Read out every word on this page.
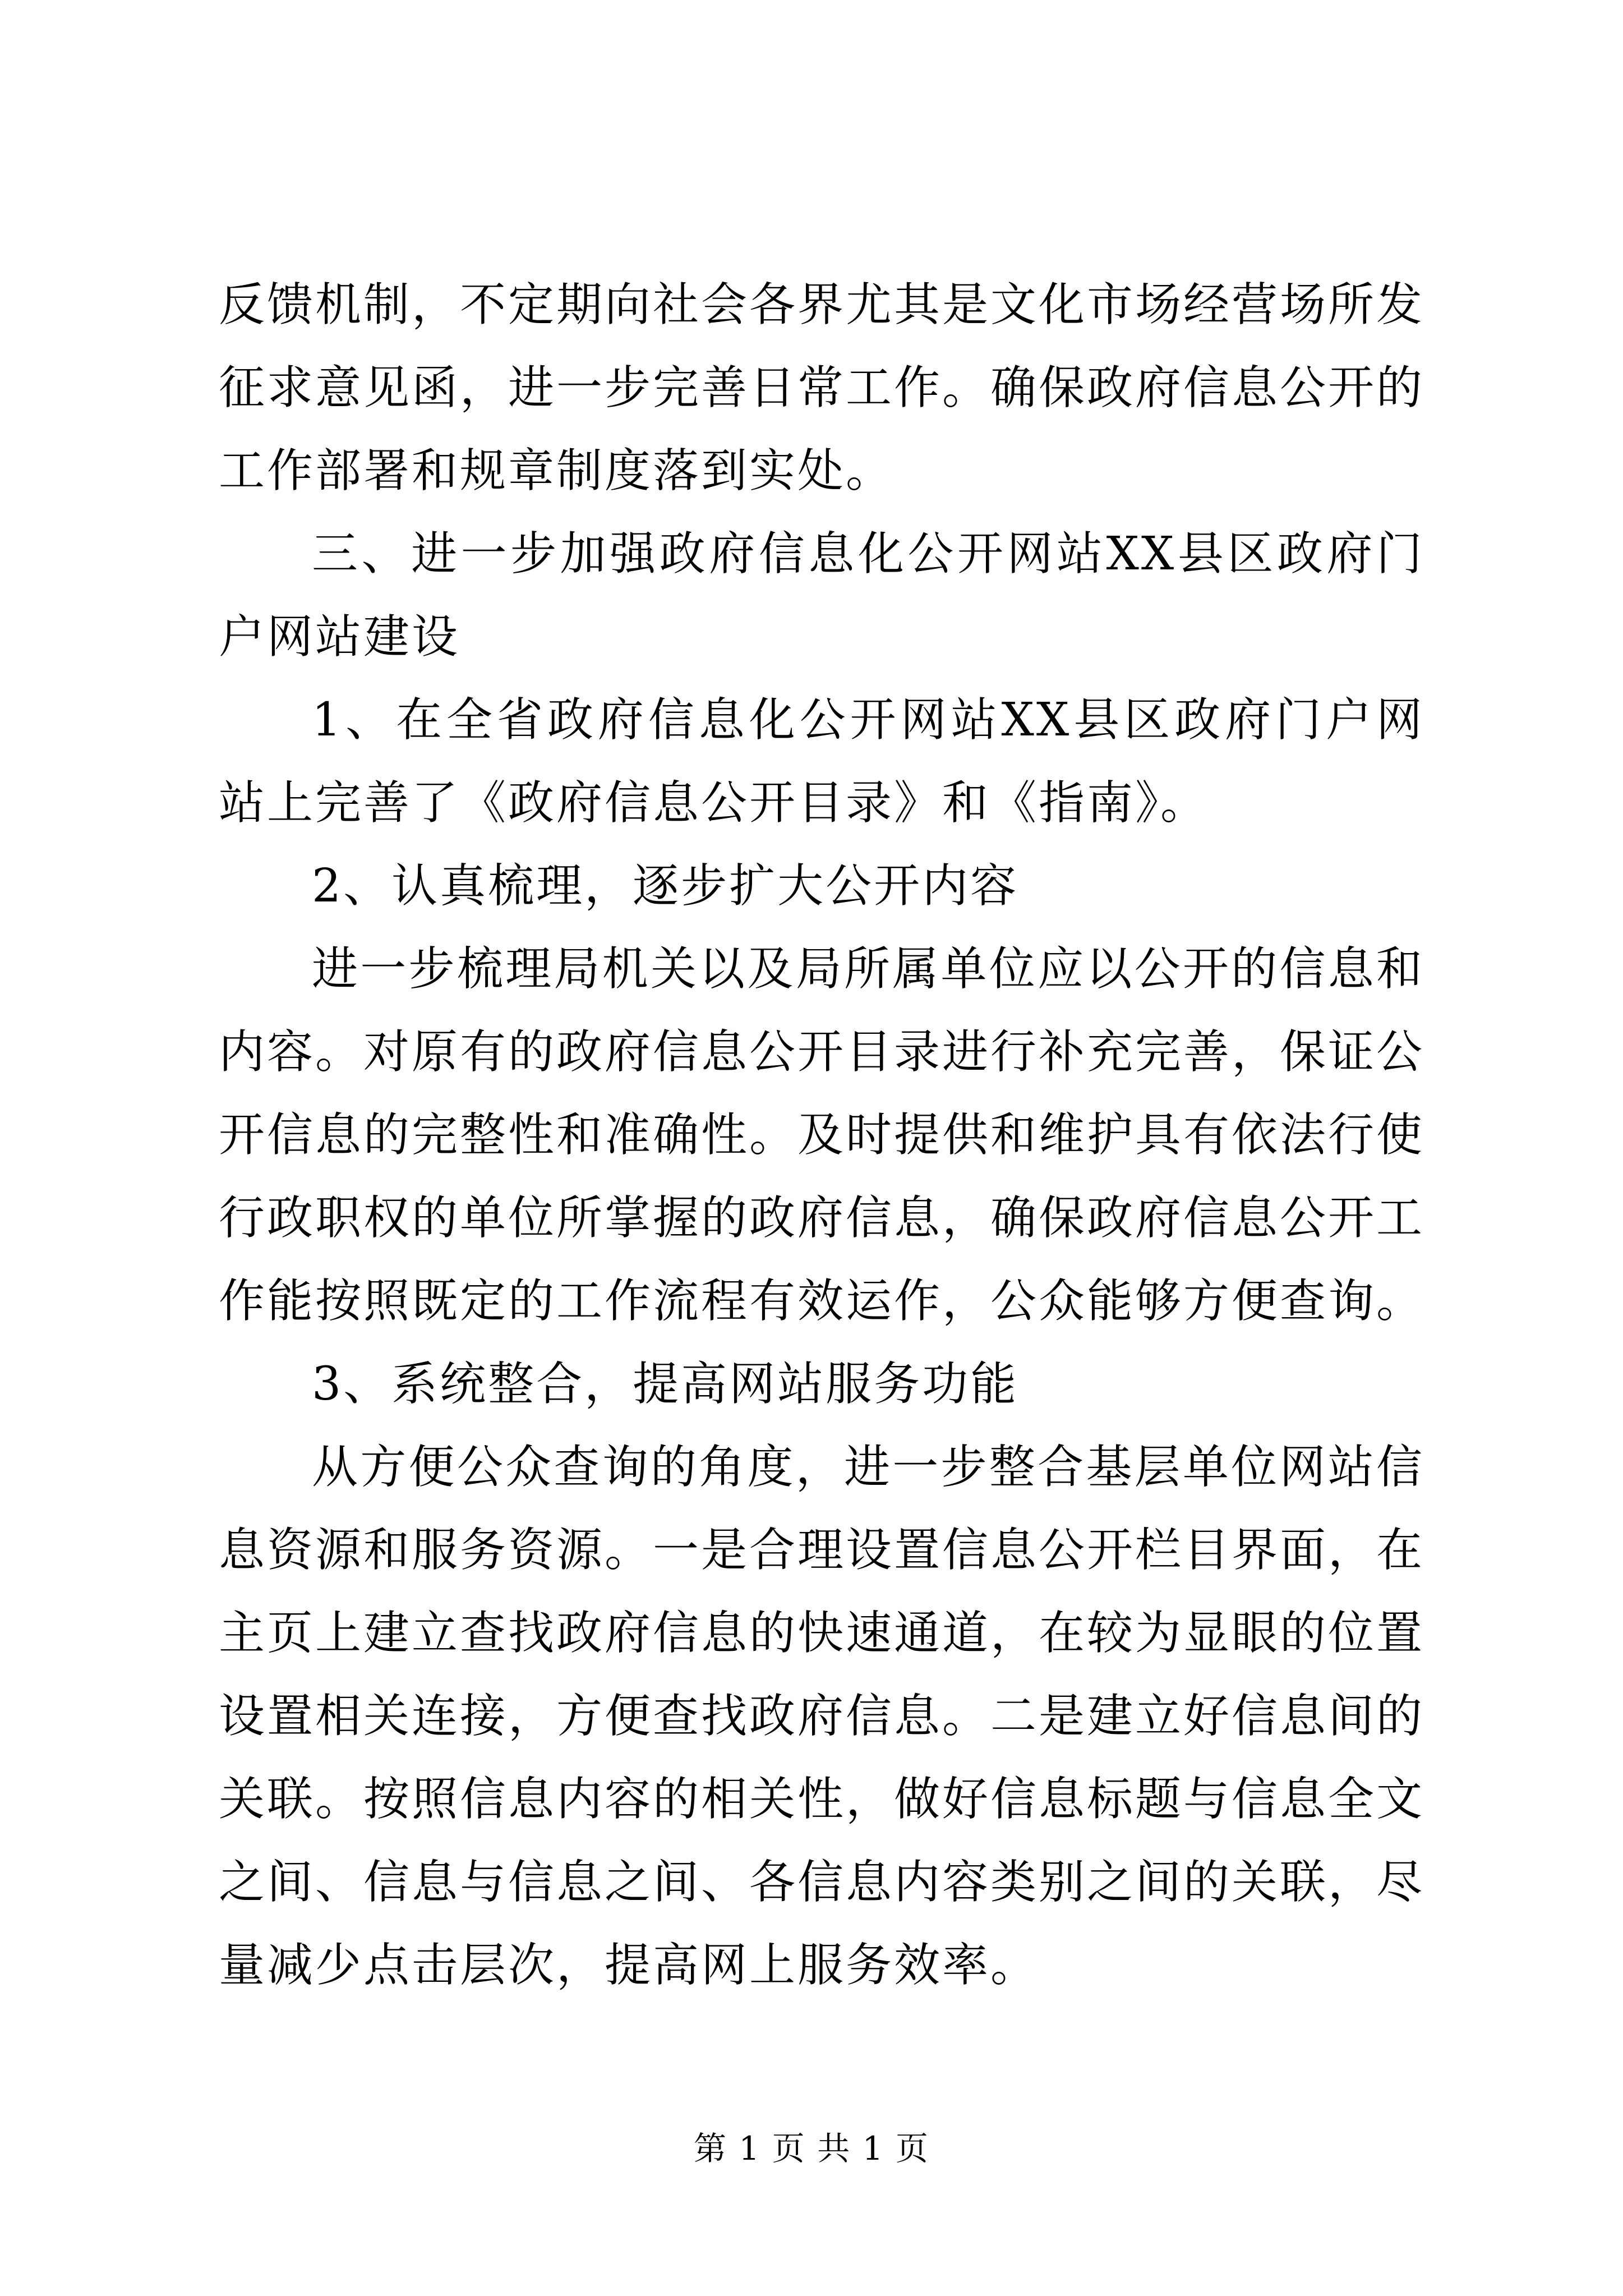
反馈机制，不定期向社会各界尤其是文化市场经营场所发征求意见函，进一步完善日常工作。确保政府信息公开的工作部署和规章制度落到实处。

三、进一步加强政府信息化公开网站XX县区政府门户网站建设

1、在全省政府信息化公开网站XX县区政府门户网站上完善了《政府信息公开目录》和《指南》。

2、认真梳理，逐步扩大公开内容

进一步梳理局机关以及局所属单位应以公开的信息和内容。对原有的政府信息公开目录进行补充完善，保证公开信息的完整性和准确性。及时提供和维护具有依法行使行政职权的单位所掌握的政府信息，确保政府信息公开工作能按照既定的工作流程有效运作，公众能够方便查询。

3、系统整合，提高网站服务功能

从方便公众查询的角度，进一步整合基层单位网站信息资源和服务资源。一是合理设置信息公开栏目界面，在主页上建立查找政府信息的快速通道，在较为显眼的位置设置相关连接，方便查找政府信息。二是建立好信息间的关联。按照信息内容的相关性，做好信息标题与信息全文之间、信息与信息之间、各信息内容类别之间的关联，尽量减少点击层次，提高网上服务效率。

第 1 页 共 1 页
